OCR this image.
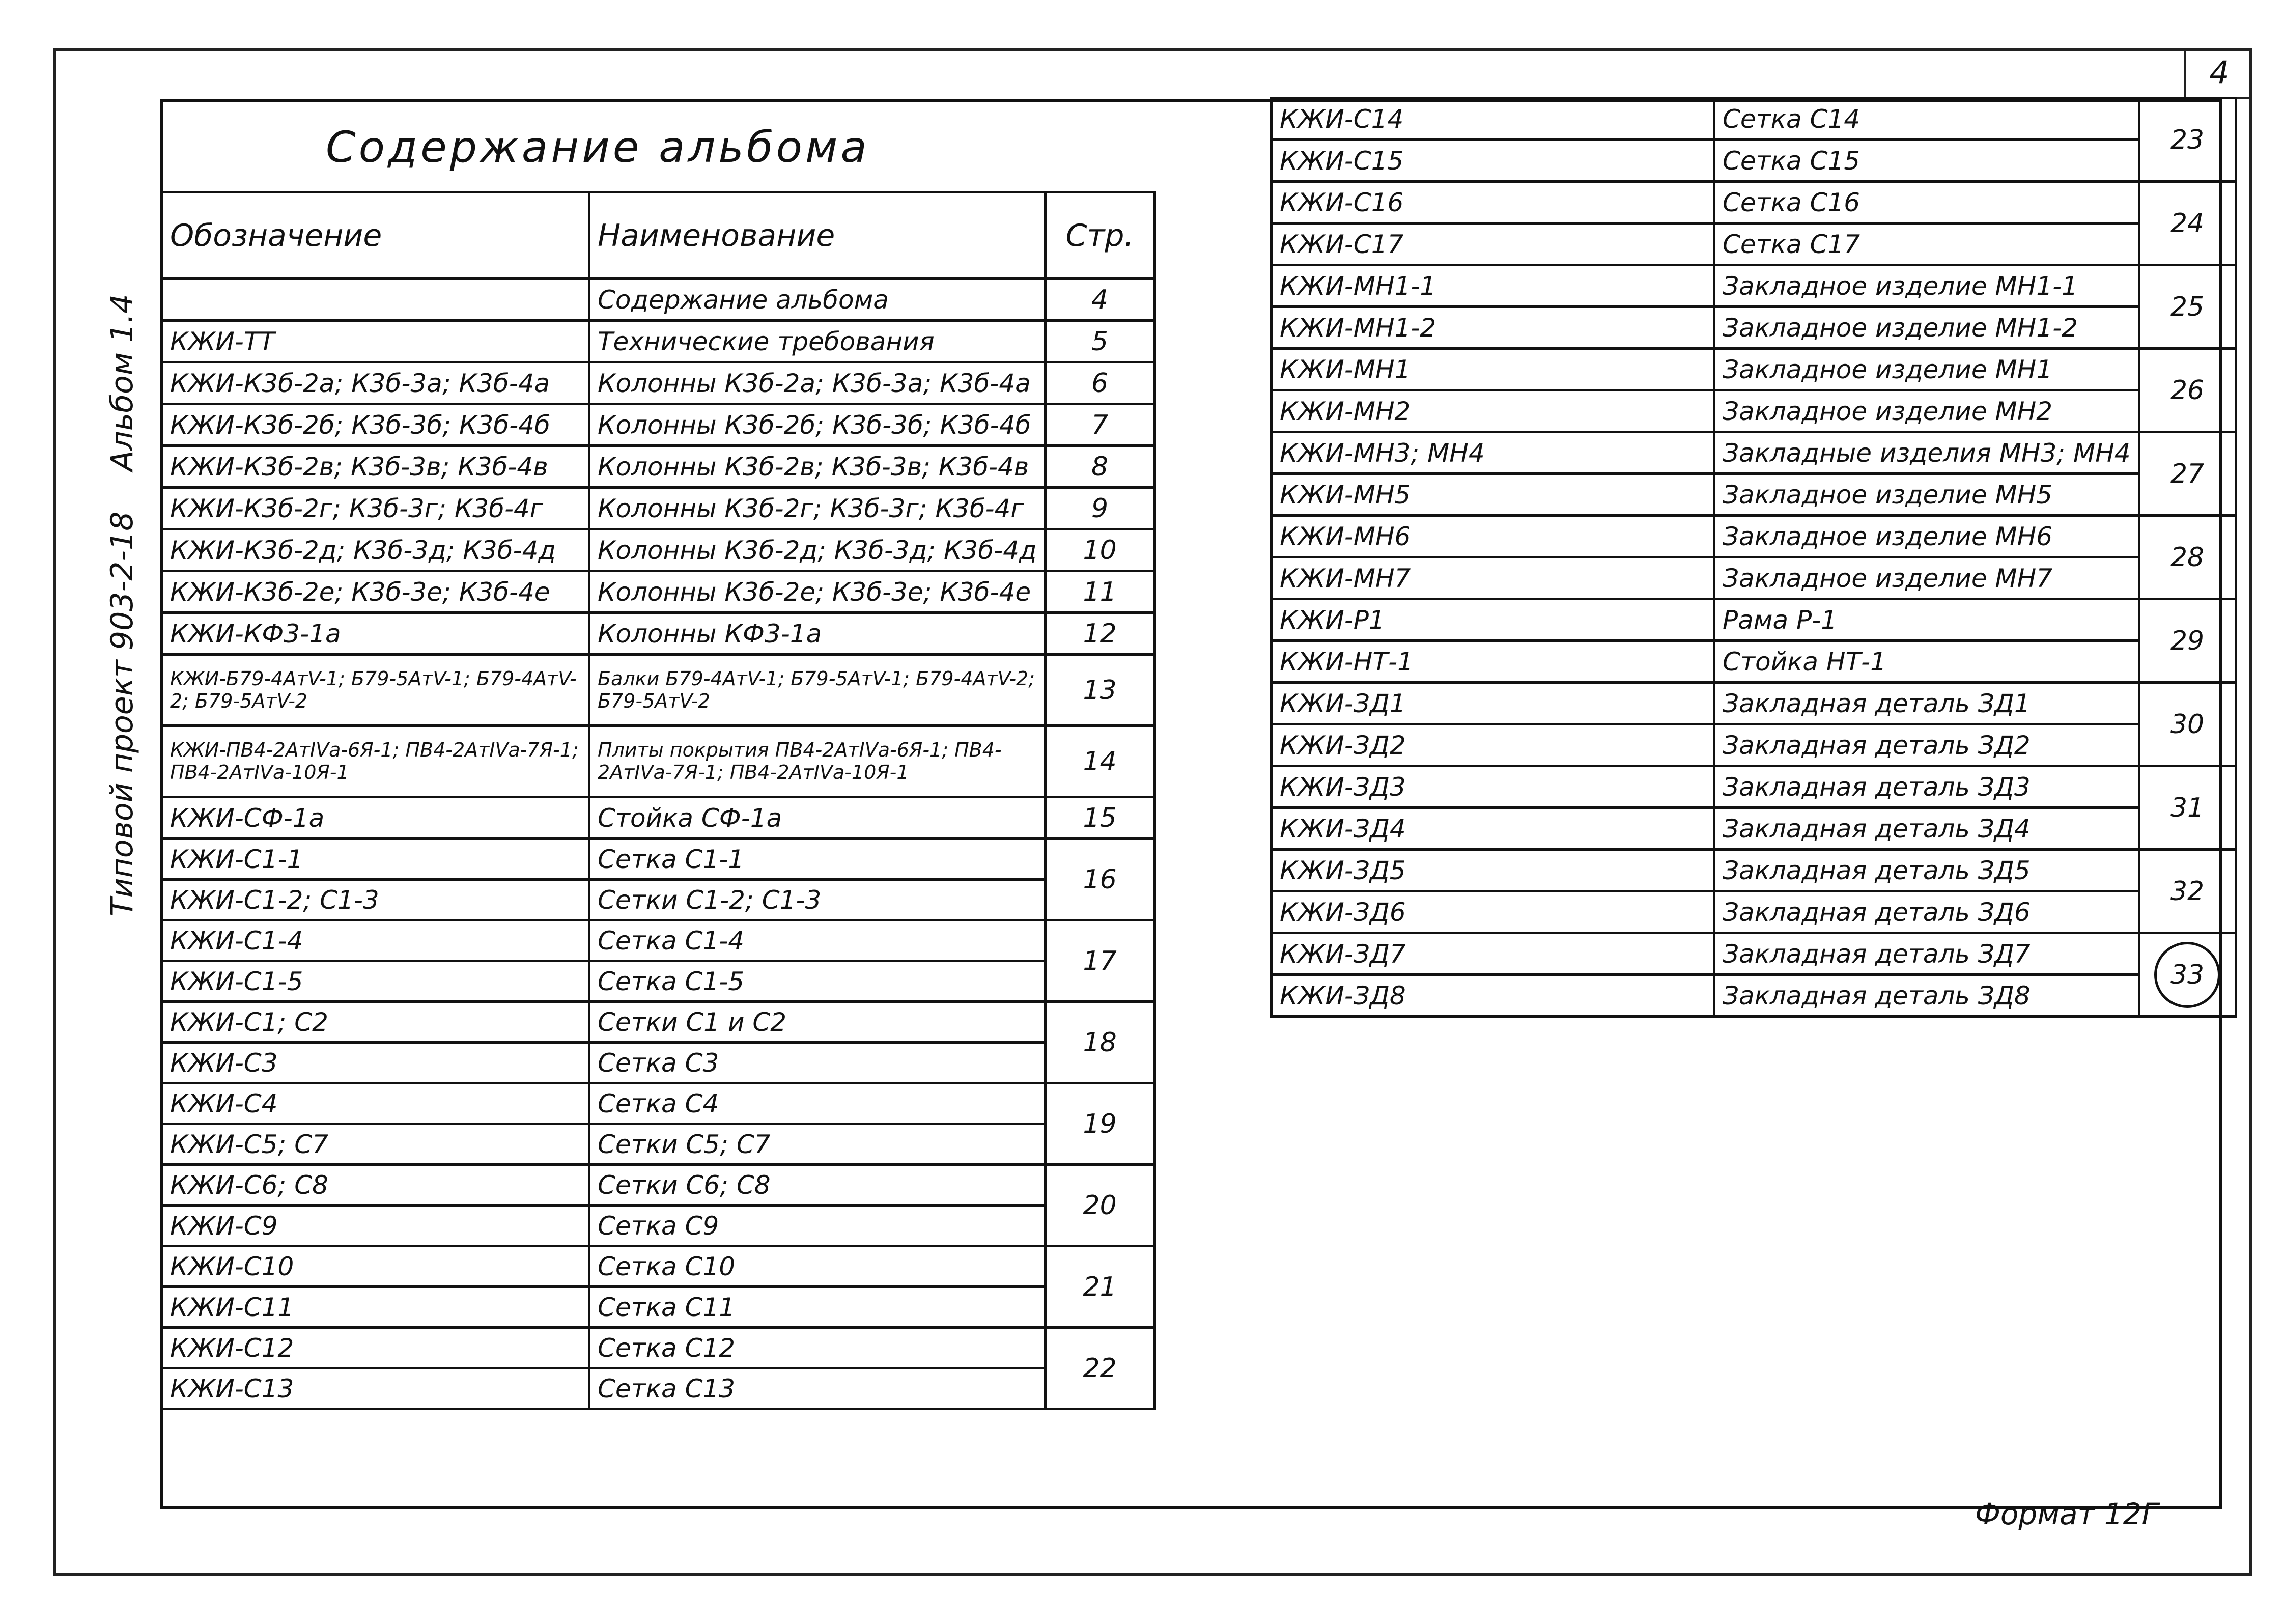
4
Содержание альбома
Типовой проект 903-2-18 Альбом 1.4
Обозначение	Наименование	Стр.
	Содержание альбома	4
КЖИ-ТТ	Технические требования	5
КЖИ-К3б-2а; К3б-3а; К3б-4а	Колонны К3б-2а; К3б-3а; К3б-4а	6
КЖИ-К3б-2б; К3б-3б; К3б-4б	Колонны К3б-2б; К3б-3б; К3б-4б	7
КЖИ-К3б-2в; К3б-3в; К3б-4в	Колонны К3б-2в; К3б-3в; К3б-4в	8
КЖИ-К3б-2г; К3б-3г; К3б-4г	Колонны К3б-2г; К3б-3г; К3б-4г	9
КЖИ-К3б-2д; К3б-3д; К3б-4д	Колонны К3б-2д; К3б-3д; К3б-4д	10
КЖИ-К3б-2е; К3б-3е; К3б-4е	Колонны К3б-2е; К3б-3е; К3б-4е	11
КЖИ-КФ3-1а	Колонны КФ3-1а	12
КЖИ-Б79-4АтV-1; Б79-5АтV-1; Б79-4АтV-2; Б79-5АтV-2	Балки Б79-4АтV-1; Б79-5АтV-1; Б79-4АтV-2; Б79-5АтV-2	13
КЖИ-ПВ4-2АтIVа-6Я-1; ПВ4-2АтIVа-7Я-1; ПВ4-2АтIVа-10Я-1	Плиты покрытия ПВ4-2АтIVа-6Я-1; ПВ4-2АтIVа-7Я-1; ПВ4-2АтIVа-10Я-1	14
КЖИ-СФ-1а	Стойка СФ-1а	15
КЖИ-С1-1	Сетка С1-1	16
КЖИ-С1-2; С1-3	Сетки С1-2; С1-3	
КЖИ-С1-4	Сетка С1-4	17
КЖИ-С1-5	Сетка С1-5	
КЖИ-С1; С2	Сетки С1 и С2	18
КЖИ-С3	Сетка С3	
КЖИ-С4	Сетка С4	19
КЖИ-С5; С7	Сетки С5; С7	
КЖИ-С6; С8	Сетки С6; С8	20
КЖИ-С9	Сетка С9	
КЖИ-С10	Сетка С10	21
КЖИ-С11	Сетка С11	
КЖИ-С12	Сетка С12	22
КЖИ-С13	Сетка С13	
КЖИ-С14	Сетка С14	23
КЖИ-С15	Сетка С15	
КЖИ-С16	Сетка С16	24
КЖИ-С17	Сетка С17	
КЖИ-МН1-1	Закладное изделие МН1-1	25
КЖИ-МН1-2	Закладное изделие МН1-2	
КЖИ-МН1	Закладное изделие МН1	26
КЖИ-МН2	Закладное изделие МН2	
КЖИ-МН3; МН4	Закладные изделия МН3; МН4	27
КЖИ-МН5	Закладное изделие МН5	
КЖИ-МН6	Закладное изделие МН6	28
КЖИ-МН7	Закладное изделие МН7	
КЖИ-Р1	Рама Р-1	29
КЖИ-НТ-1	Стойка НТ-1	
КЖИ-ЗД1	Закладная деталь ЗД1	30
КЖИ-ЗД2	Закладная деталь ЗД2	
КЖИ-ЗД3	Закладная деталь ЗД3	31
КЖИ-ЗД4	Закладная деталь ЗД4	
КЖИ-ЗД5	Закладная деталь ЗД5	32
КЖИ-ЗД6	Закладная деталь ЗД6	
КЖИ-ЗД7	Закладная деталь ЗД7	33
КЖИ-ЗД8	Закладная деталь ЗД8	
Формат 12Г
